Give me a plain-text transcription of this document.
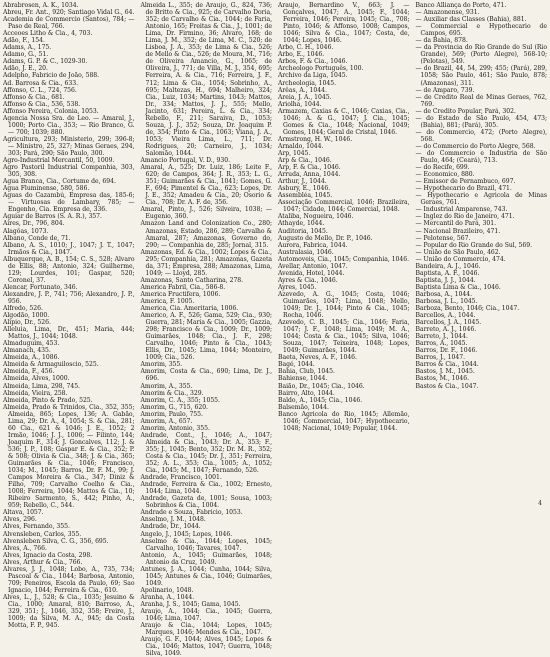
Abrabrosen, A. K., 1034.

Abreu, Fr. Ant., 920; Santiago Vidal G., 64.

Academia de Commercio (Santos), 784; — Paso de Real, 766.

Acceoes Litho & Cia., 4, 703.

Adão, F., 154.

Adams, A., 175.

Adamo, G., 51.

Adams, G. P. & C., 1029-30.

Adão, J. E., 20.

Adelpho, Fabricio de João, 588.

Ad. Barrosa & Cia., 633.

Affonso, C. L., 724, 756.

Affonso & Cia., 681.

Affonso & Cia., 536, 538.

Affonso Pereira, Colonia, 1053.

Agencia Nossa Sra. de Leo. — Amaral, J., 1000; Porto Cia., 353; — Rio Branco, G. — 700; 1039; 880.

Agricultura, 293; Ministerio, 299; 396-8; — Ministro, 25, 327; Minas Geraes, 294, 303; Pará, 290; São Paulo, 300.

Agro-Industrial Mercantil, 50, 1009.

Agro Pastoril Industrial Companhia, 303, 305, 308.

Agua Branca, Cia., Cortume de, 694.

Agua Fluminense, 580, 586.

Aguas do Cazambú, Empresa das, 185-6; — Virtuosas de Lambary, 785; — Engenho, Cia. Empresa de, 336.

Aguiar de Barros (S. A. R.), 357.

Aires, Dr., 796, 804.

Alagôas, 1073.

Albano, Conde de, 71.

Albano, A. S., 1010; J., 1047; J. T., 1047; Irmãos & Cia., 1047.

Albuquerque, A. B., 154; C. S., 528; Alvaro de Ellis, 88; Antonio, 324; Guilherme, 129; Lourdes, 101; Gaspar, 520; Coronel, 37.

Alencar, Fortunato, 346.

Alexandre, J. P., 741; 756; Alexandro, J. P., 956.

Alfredo, 526.

Algodão, 1000.

Alipio, Dr., 526.

Alleluia, Lima, Dr., 451; Maria, 444; Mattos, J., 1044; 1048.

Almaduguim, 453.

Almanach, 435.

Almeida, A., 1086.

Almeida & Armaguiloscio, 525.

Almeida, F., 456.

Almeida, Alves, 1000.

Almeida, Lima, 298, 745.

Almeida, Vieira, 258.

Almeida, Pinto & Prado, 525.

Almeida, Prado & Trinidos, Cia., 352, 355; Almeida, 865; Lopes, 136; A. Gabão, Lima, 29; Dr. A., 4, 1054; S. & Cia., 281; 60 Cia., 621 & 1046; J. E., 1052; 2 Irmão, 1046; J. J., 1006; — Filinto, 144; Joaquim F., 314; J. Goncalves, 112; J. & 536; J. P., 108; Gaspar E. & Cia., 352; P. & 508; Olivia & Cia., 348; J. & Cia., 365; Guimarães & Cia., 1046; Francisco, 1034; M., 1045; Barros, Dr. F. M., 99; J. Campos Moreira & Cia., 347; Diniz & Filho, 709; Carvalho Coelho & Cia., 1008; Ferreira, 1044; Mattos & Cia., 10; Ribeiro Sarmento, S., 442; Pinho, A., 959; Rebello, C., 544.

Altava, 1057.

Alves, 296.

Alves, Fernando, 355.

Alvensleben, Carlos, 355.

Alvensleben Silva, C. G., 356, 695.

Alves, A., 766.

Alves, Ignacio da Costa, 298.

Alves, Arthur & Cia., 766.

Alvares, J. J., 1048; Lobo, A., 735, 734; Pascoal & Cia., 1044; Barbosa, Antonio, 709; Peneiros, Escola da Paulo, 69; Sao Ignacio, 1044; Ferreira & Cia., 610.

Alves, L., J., 528; & Cia., 1035; Jesuino & Cia., 1000; Amaral, 810; Barroso, A., 329, 351; J., 1046, 352, 358; Freire, J., 1009; da Silva, M. A., 945; da Costa Motta, F. P., 945.

Almeida L., 355; de Araujo, G., 824, 736; de Britto & Cia., 925; de Carvalho Doria, 352; de Carvalho & Cia., 1044; de Faria, Antonio, 165; Freitas & Cia., J., 1001; de Lima, Dr. Firmino, 36; Alvaro, 168; de Lima, J. M., 352; de Lima, M. C., 520; de Lisboa, J. A., 353; de Lima & Cia., 526; de Mello & Cia., 526; de Moura, M., 716; de Oliveira Amancio, G., 1065; de Oliveira, J., 771; de Villa, M. J., 354, 695; Ferreira, A. & Cia., 716; Ferreira, J. F., 712; Lima & Cia., 1054; Sobrinho, A., 695; Maltezas, H., 694; Malheiro, 324; Cia., Luiz, 1034; Martins, 1043; Mattos, Dr., 334; Mattos, J. J., 555; Mello, Jacinto, 631; Pereira, L. & Cia., 334; Rebello, F., 211; Saraiva, D., 1053; Souza, J. J., 352; Souza, Dr. Joaquim P. de, 354; Pinto & Cia., 1063; Viana, J. A., 1053; Vieira Lima, L., 711; Dr. Rodrigues, 20; Carneiro, J., 1034; Salomão, 1044.

Amancio Portugal, V. D., 930.

Amaral, A., 525; Dr. Luiz, 186; Leite F., 620; de Campos, 364; J. R., 353; L. G., 351; Guimarães & Cia., 1041; Gomes, G. F., 694; Pimentel & Cia., 623; Lopes, Dr. J. E., 352; Amadeu & Cia., 20; Osorio & Cia., 708; Dr. A. F. de, 356.

Amaral, Pinto, J., 526; Silveira, 1038; — Eugenio, 360.

Amazon Land and Colonization Co., 280; Amazonas, Estado, 286, 289; Carvalho & Amaral, 287; Amazonas, Governo do, 290; — Companhia de, 285; Jornal, 315.

Amazonas, Ed. & Cia., 1002; Lopes & Cia., 295; Companhia, 281; Amazonas, Gazeta da, 371; Empresa, 288; Amazonas, Lima, 1049; — Lloyd, 285.

Amazonas, Santo Catharina, 278.

America Fabril, Cia., 586-8.

America Fructifera, 1006.

America, F. 1005.

America, Cia. Ameritaria, 1006.

Americo, A. F., 526; Gama, 529; Cia., 930; Guerra, 281; Maria & Cia., 1005; Gazzia, 298; Francisco & Cia., 1009; Dr., 1009; Guimarães, 1048; Cia., J. F., 298; Carvalho, 1046; Pinto & Cia., 1043; Ellis, Dr., 1045; Lima, 1044; Monteiro, 1009; Cia., 526.

Amorim, 355.

Amorim, Costa & Cia., 690; Lima, Dr. J., 696.

Amorim, A., 355.

Amorim & Cia., 329.

Amorim, C. A., 355; 1055.

Amorim, G., 715, 620.

Amorim, Paulo, 755.

Amorim, A., 657.

Amorim, Antonio, 355.

Andrade, Cont., J., 1046; A., 1047; Almeida & Cia., 1043; Dr. A., 353; F., 355; J., 1045; Bento, 352; Dr. M. R., 352; Costa & Cia., 1045; Dr. J., 351; Ferreira, 352; A. L., 353; Cia., 1005; A., 1052; Cia., 1045; M., 1047; Fernando, 526.

Andrade, Francisco, 1001.

Andrade, Ferreira & Cia., 1002; Ernesto, 1044; Lima, 1044.

Andrade, Gazeta de, 1001; Sousa, 1003; Sobrinhos & Cia., 1004.

Andrade e Souza, Fabricio, 1053.

Anselmo, J. M., 1048.

Andrade, Dr., 1044.

Angelo, J., 1045; Lopes, 1046.

Anselmo & Cia., 1044; Lopes, 1045; Carvalho, 1046; Tavares, 1047.

Antonio, A., 1045; Guimarães, 1048; Antonio da Cruz, 1049.

Antunes, J. A., 1044; Cunha, 1044; Silva, 1045; Antunes & Cia., 1046; Guimarães, 1049.

Apolinario, 1048.

Aranha, A., 1044.

Aranha, J. S., 1045; Gama, 1045.

Araujo, A., 1044; Cia., 1045; Guerra, 1046; Lima, 1047.

Araujo & Cia., 1044; Lopes, 1045; Marques, 1046; Mendes & Cia., 1047.

Araujo, G. F., 1044; Alves, 1045; Lopes & Cia., 1046; Mattos, 1047; Guerra, 1048; Silva, 1049.

Araujo, Bernardino V., 663; J. — Gonçalves, 1047; A., 1045; F., 1044; Ferreira, 1046; Pereira, 1045; Cia., 708; Pinto, 1046; & Affonso, 1008; Campos, 1046; Silva & Cia., 1047; Costa, de, 1044; Lopes, 1046.

Arbo, C. H., 1046.

Arbo, E., 1046.

Arbos, F. & Cia., 1046.

Archeologo Português, 100.

Archivo da Liga, 1045.

Archeologia, 1045.

Arêas, A., 1044.

Areia, J. A., 1045.

Ariolha, 1044.

Armazem, Caxias & C., 1046; Caxias, Cia., 1046; A. & G., 1047; J. Cia., 1045; Gomes & Cia., 1048; Nacional, 1049; Gomes, 1044; Geral de Cristal, 1046.

Armstrong, H. W., 1046.

Arnaldo, 1044.

Arp, 1045.

Arp & Cia., 1046.

Arp, F. & Cia., 1046.

Arruda, Anna, 1044.

Arthur, J., 1044.

Asbury, E., 1046.

Assembléa, 1045.

Associação Commercial, 1046; Brazileira, 1047; Cidade, 1044; Comercial, 1048.

Ataliba, Nogueira, 1046.

Athayde, 1044.

Auditoria, 1045.

Augusto de Mello, Dr. P., 1046.

Aurora, Fabrica, 1044.

Australasia, 1046.

Automoveis, Cia., 1045; Companhia, 1046.

Avellar, Antonio, 1047.

Avenida, Hotel, 1044.

Ayres & Cia., 1046.

Ayres, 1045.

Azevedo, A. G., 1045; Costa, 1046; Guimarães, 1047; Lima, 1048; Mello, 1049; Dr. J., 1044; Pinto & Cia., 1045; Rocha, 1046.

Azevedo, C. B., 1045; Cia., 1046; Faria, 1047; J. F., 1048; Lima, 1049; M. A., 1044; Costa & Cia., 1045; Silva, 1046; Souza, 1047; Teixeira, 1048; Lopes, 1049; Guimarães, 1044.

Baeta, Neves, A. F., 1046.

Bagé, 1044.

Bahia, Club, 1045.

Bahiense, 1044.

Baião, Dr., 1045; Cia., 1046.

Bairro, Alto, 1044.

Baldo, A., 1045; Cia., 1046.

Balsemão, 1044.

Banco Agricola do Rio, 1045; Allemão, 1046; Commercial, 1047; Hypothecario, 1048; Nacional, 1049; Popular, 1044.

Banco Alliança do Porto, 471.

— Amazonense, 931.

— Auxiliar das Classes (Bahia), 881.

— Commercial e Hypothecario de Campos, 695.

— da Bahia, 878.

— da Provincia do Rio Grande do Sul (Rio Grande), 569; (Porto Alegre), 568-10; (Pelotas), 549.

— do Brazil, 44, 54, 299; 455; (Pará), 289, 1058; São Paulo, 461; São Paulo, 878; (Amazonas), 311.

— de Amparo, 739.

— de Credito Real de Minas Geraes, 762, 769.

— de Credito Popular, Pará, 302.

— do Estado de São Paulo, 454, 473; (Bahia), 881; (Pará), 305.

— do Commercio, 472; (Porto Alegre), 568.

— do Commercio do Porto Alegre, 568.

— do Commercio e Industria de São Paulo, 464; (Ceará), 713.

— do Recife, 699.

— Economico, 880.

— Emissor de Pernambuco, 697.

— Hypothecario do Brazil, 471.

— Hypothecario e Agricola de Minas Geraes, 761.

— Industrial Amparense, 743.

— Inglez do Rio de Janeiro, 471.

— Mercantil do Pará, 301.

— Nacional Brazileiro, 471.

— Pelotense, 567.

— Popular do Rio Grande do Sul, 569.

— União de São Paulo, 462.

— União do Commercio, 474.

Bandeira, A. J., 1046.

Baptista, A. F., 1046.

Baptista, J. J., 1044.

Baptista Lima & Cia., 1046.

Barbosa, A., 1044.

Barbosa, J. L., 1045.

Barboza, Bento, 1046; Cia., 1047.

Barcellos, A., 1044.

Barcellos, J. A., 1045.

Barreto, A. J., 1046.

Barreto, J., 1044.

Barros, A., 1045.

Barros, Dr. F., 1046.

Barros, J., 1047.

Barros & Cia., 1044.

Bastos, J. M., 1045.

Bastos, M., 1046.

Bastos & Cia., 1047.

4
